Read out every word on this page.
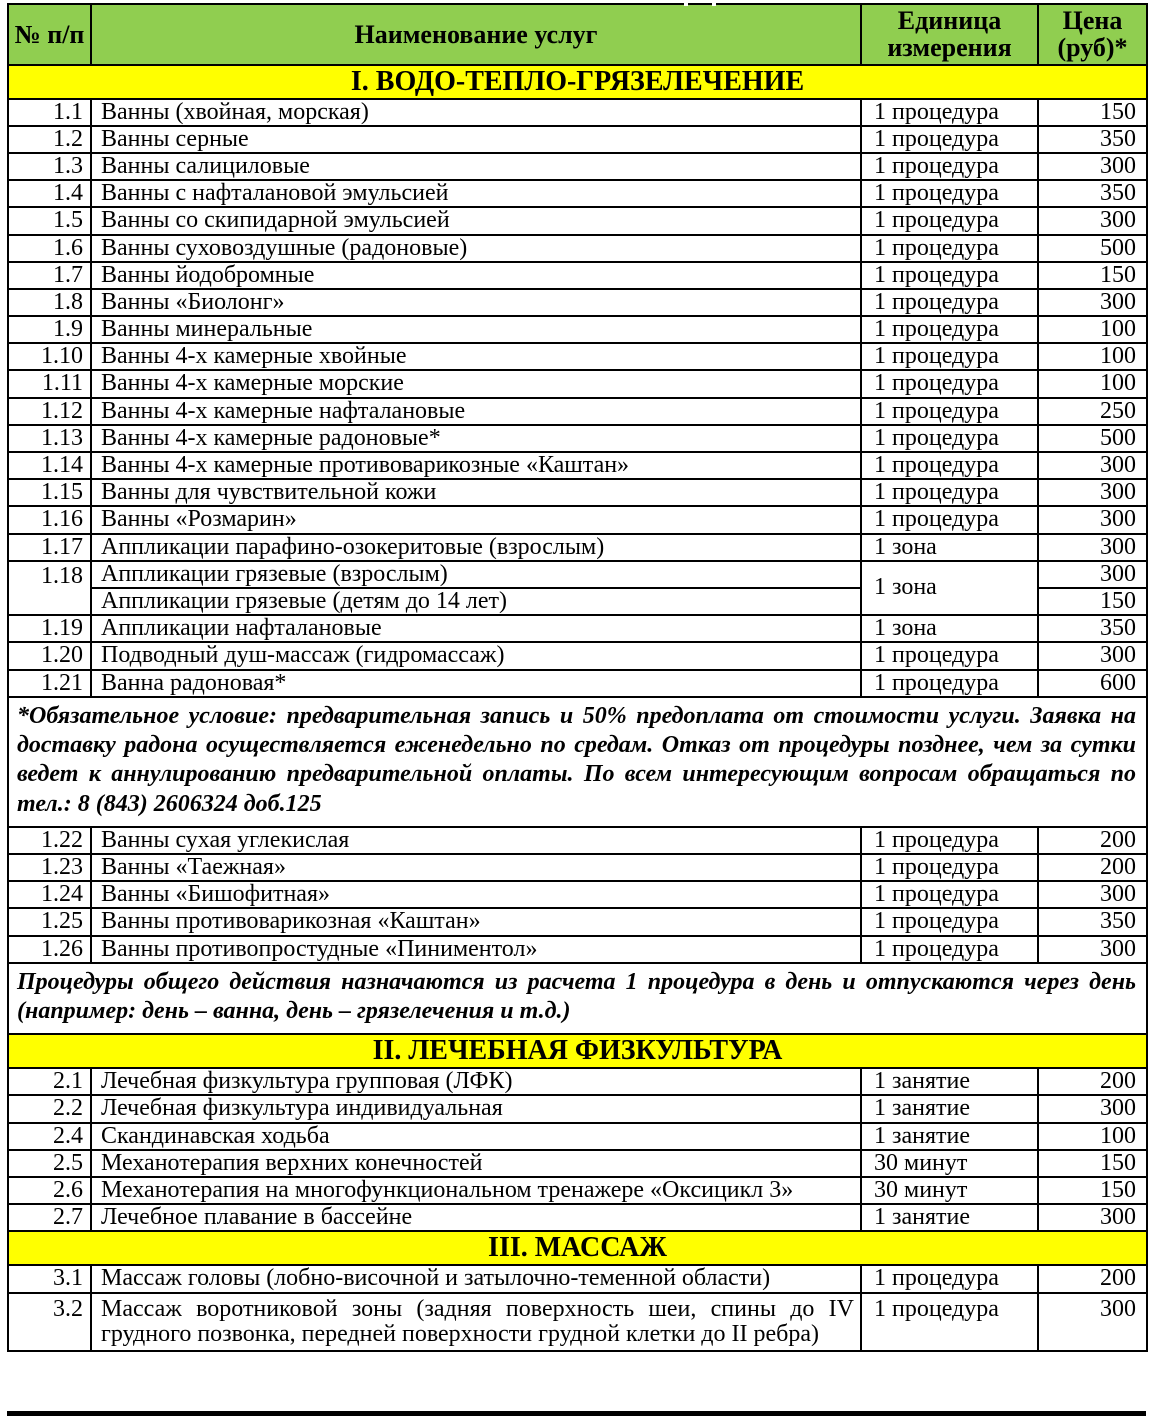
№ п/п	Наименование услуг	Единица измерения	Цена (руб)*
I. ВОДО-ТЕПЛО-ГРЯЗЕЛЕЧЕНИЕ			
1.1	Ванны (хвойная, морская)	1 процедура	150
1.2	Ванны серные	1 процедура	350
1.3	Ванны салициловые	1 процедура	300
1.4	Ванны с нафталановой эмульсией	1 процедура	350
1.5	Ванны со скипидарной эмульсией	1 процедура	300
1.6	Ванны суховоздушные (радоновые)	1 процедура	500
1.7	Ванны йодобромные	1 процедура	150
1.8	Ванны «Биолонг»	1 процедура	300
1.9	Ванны минеральные	1 процедура	100
1.10	Ванны 4-х камерные хвойные	1 процедура	100
1.11	Ванны 4-х камерные морские	1 процедура	100
1.12	Ванны 4-х камерные нафталановые	1 процедура	250
1.13	Ванны 4-х камерные радоновые*	1 процедура	500
1.14	Ванны 4-х камерные противоварикозные «Каштан»	1 процедура	300
1.15	Ванны для чувствительной кожи	1 процедура	300
1.16	Ванны «Розмарин»	1 процедура	300
1.17	Аппликации парафино-озокеритовые (взрослым)	1 зона	300
1.18	Аппликации грязевые (взрослым)	1 зона	300
	Аппликации грязевые (детям до 14 лет)		150
1.19	Аппликации нафталановые	1 зона	350
1.20	Подводный душ-массаж (гидромассаж)	1 процедура	300
1.21	Ванна радоновая*	1 процедура	600
*Обязательное условие: предварительная запись и 50% предоплата от стоимости услуги. Заявка на доставку радона осуществляется еженедельно по средам. Отказ от процедуры позднее, чем за сутки ведет к аннулированию предварительной оплаты. По всем интересующим вопросам обращаться по тел.: 8 (843) 2606324 доб.125			
1.22	Ванны сухая углекислая	1 процедура	200
1.23	Ванны «Таежная»	1 процедура	200
1.24	Ванны «Бишофитная»	1 процедура	300
1.25	Ванны противоварикозная «Каштан»	1 процедура	350
1.26	Ванны противопростудные «Пиниментол»	1 процедура	300
Процедуры общего действия назначаются из расчета 1 процедура в день и отпускаются через день (например: день – ванна, день – грязелечения и т.д.)			
II. ЛЕЧЕБНАЯ ФИЗКУЛЬТУРА			
2.1	Лечебная физкультура групповая (ЛФК)	1 занятие	200
2.2	Лечебная физкультура индивидуальная	1 занятие	300
2.4	Скандинавская ходьба	1 занятие	100
2.5	Механотерапия верхних конечностей	30 минут	150
2.6	Механотерапия на многофункциональном тренажере «Оксицикл 3»	30 минут	150
2.7	Лечебное плавание в бассейне	1 занятие	300
III. МАССАЖ			
3.1	Массаж головы (лобно-височной и затылочно-теменной области)	1 процедура	200
3.2	Массаж воротниковой зоны (задняя поверхность шеи, спины до IV грудного позвонка, передней поверхности грудной клетки до II ребра)	1 процедура	300
